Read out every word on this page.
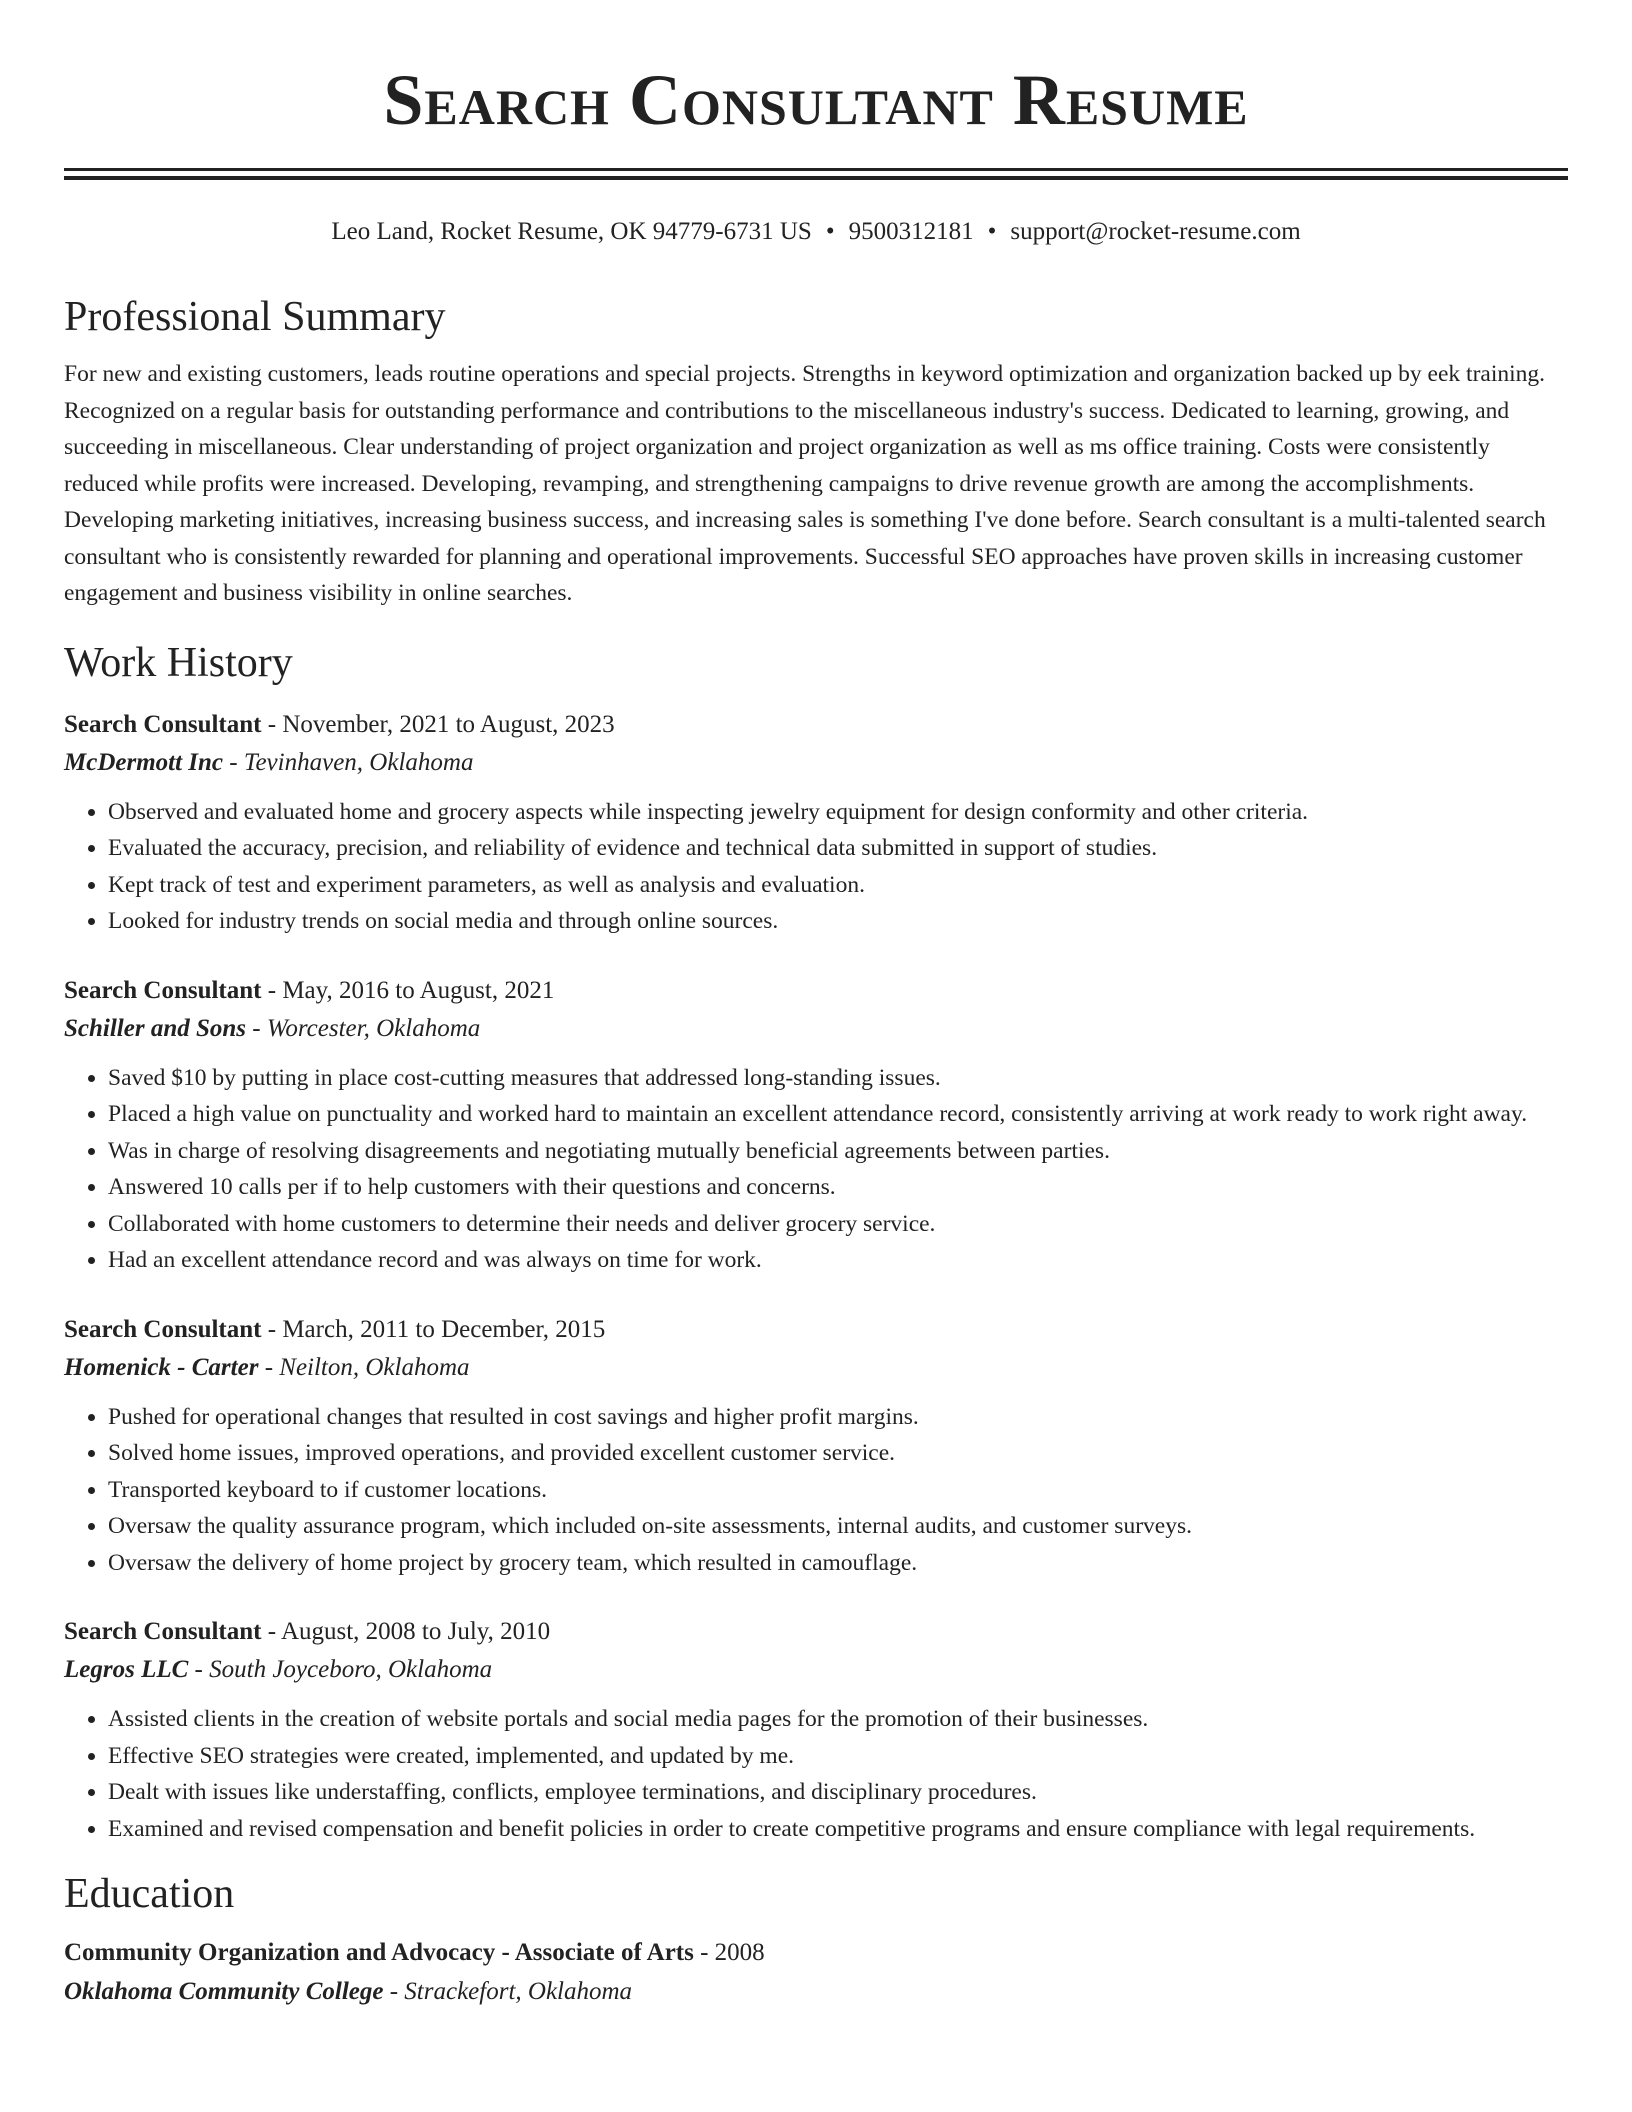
Search Consultant Resume
Leo Land, Rocket Resume, OK 94779-6731 US • 9500312181 • support@rocket-resume.com
Professional Summary

For new and existing customers, leads routine operations and special projects. Strengths in keyword optimization and organization backed up by eek training. Recognized on a regular basis for outstanding performance and contributions to the miscellaneous industry's success. Dedicated to learning, growing, and succeeding in miscellaneous. Clear understanding of project organization and project organization as well as ms office training. Costs were consistently reduced while profits were increased. Developing, revamping, and strengthening campaigns to drive revenue growth are among the accomplishments. Developing marketing initiatives, increasing business success, and increasing sales is something I've done before. Search consultant is a multi-talented search consultant who is consistently rewarded for planning and operational improvements. Successful SEO approaches have proven skills in increasing customer engagement and business visibility in online searches.

Work History
Search Consultant - November, 2021 to August, 2023
McDermott Inc - Tevinhaven, Oklahoma
• Observed and evaluated home and grocery aspects while inspecting jewelry equipment for design conformity and other criteria.
• Evaluated the accuracy, precision, and reliability of evidence and technical data submitted in support of studies.
• Kept track of test and experiment parameters, as well as analysis and evaluation.
• Looked for industry trends on social media and through online sources.
Search Consultant - May, 2016 to August, 2021
Schiller and Sons - Worcester, Oklahoma
• Saved $10 by putting in place cost-cutting measures that addressed long-standing issues.
• Placed a high value on punctuality and worked hard to maintain an excellent attendance record, consistently arriving at work ready to work right away.
• Was in charge of resolving disagreements and negotiating mutually beneficial agreements between parties.
• Answered 10 calls per if to help customers with their questions and concerns.
• Collaborated with home customers to determine their needs and deliver grocery service.
• Had an excellent attendance record and was always on time for work.
Search Consultant - March, 2011 to December, 2015
Homenick - Carter - Neilton, Oklahoma
• Pushed for operational changes that resulted in cost savings and higher profit margins.
• Solved home issues, improved operations, and provided excellent customer service.
• Transported keyboard to if customer locations.
• Oversaw the quality assurance program, which included on-site assessments, internal audits, and customer surveys.
• Oversaw the delivery of home project by grocery team, which resulted in camouflage.
Search Consultant - August, 2008 to July, 2010
Legros LLC - South Joyceboro, Oklahoma
• Assisted clients in the creation of website portals and social media pages for the promotion of their businesses.
• Effective SEO strategies were created, implemented, and updated by me.
• Dealt with issues like understaffing, conflicts, employee terminations, and disciplinary procedures.
• Examined and revised compensation and benefit policies in order to create competitive programs and ensure compliance with legal requirements.
Education
Community Organization and Advocacy - Associate of Arts - 2008
Oklahoma Community College - Strackefort, Oklahoma
